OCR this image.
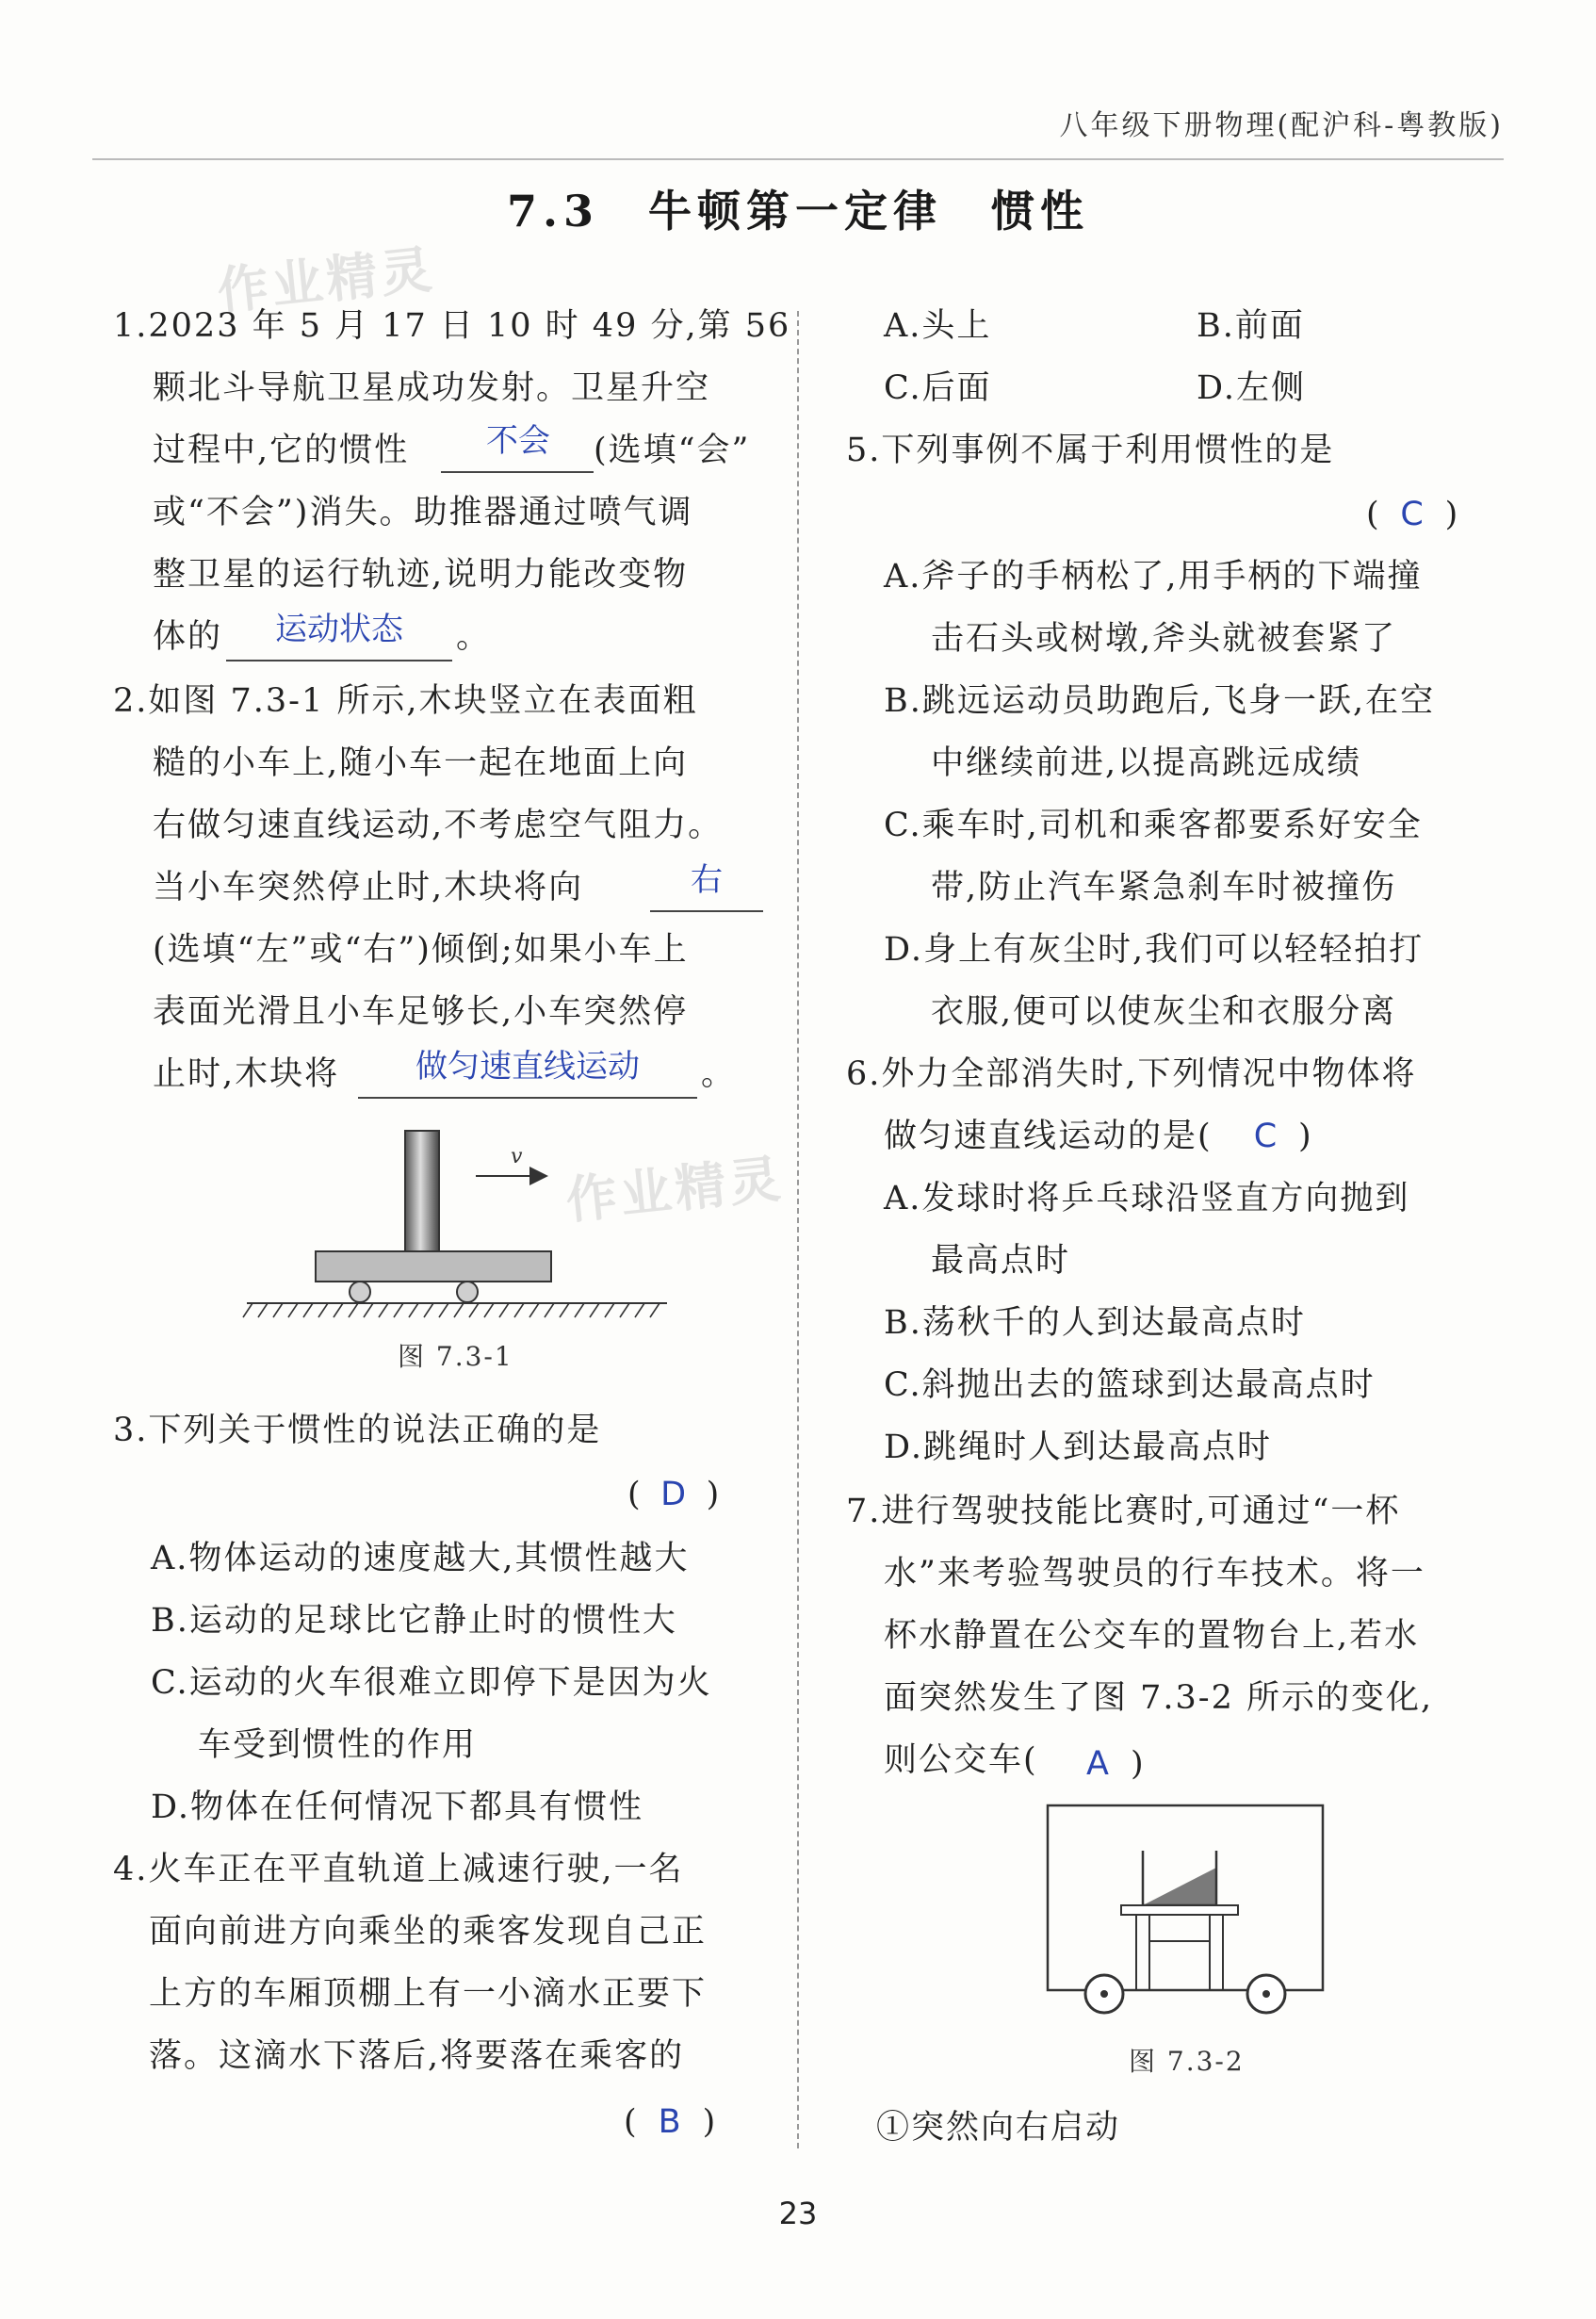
八年级下册物理(配沪科-粤教版)
7.3　牛顿第一定律　惯性
作业精灵
作业精灵
1.2023 年 5 月 17 日 10 时 49 分,第 56
颗北斗导航卫星成功发射。卫星升空
过程中,它的惯性	不会	(选填“会”
或“不会”)消失。助推器通过喷气调
整卫星的运行轨迹,说明力能改变物
体的	运动状态	。
2.如图 7.3-1 所示,木块竖立在表面粗
糙的小车上,随小车一起在地面上向
右做匀速直线运动,不考虑空气阻力。
当小车突然停止时,木块将向	右
(选填“左”或“右”)倾倒;如果小车上
表面光滑且小车足够长,小车突然停
止时,木块将	做匀速直线运动	。
v
图 7.3-1
3.下列关于惯性的说法正确的是
( D )
A.物体运动的速度越大,其惯性越大
B.运动的足球比它静止时的惯性大
C.运动的火车很难立即停下是因为火
车受到惯性的作用
D.物体在任何情况下都具有惯性
4.火车正在平直轨道上减速行驶,一名
面向前进方向乘坐的乘客发现自己正
上方的车厢顶棚上有一小滴水正要下
落。这滴水下落后,将要落在乘客的
( B )
A.头上	B.前面
C.后面	D.左侧
5.下列事例不属于利用惯性的是
( C )
A.斧子的手柄松了,用手柄的下端撞
击石头或树墩,斧头就被套紧了
B.跳远运动员助跑后,飞身一跃,在空
中继续前进,以提高跳远成绩
C.乘车时,司机和乘客都要系好安全
带,防止汽车紧急刹车时被撞伤
D.身上有灰尘时,我们可以轻轻拍打
衣服,便可以使灰尘和衣服分离
6.外力全部消失时,下列情况中物体将
做匀速直线运动的是(	C )
A.发球时将乒乓球沿竖直方向抛到
最高点时
B.荡秋千的人到达最高点时
C.斜抛出去的篮球到达最高点时
D.跳绳时人到达最高点时
7.进行驾驶技能比赛时,可通过“一杯
水”来考验驾驶员的行车技术。将一
杯水静置在公交车的置物台上,若水
面突然发生了图 7.3-2 所示的变化,
则公交车(	A )
图 7.3-2
①突然向右启动
23
